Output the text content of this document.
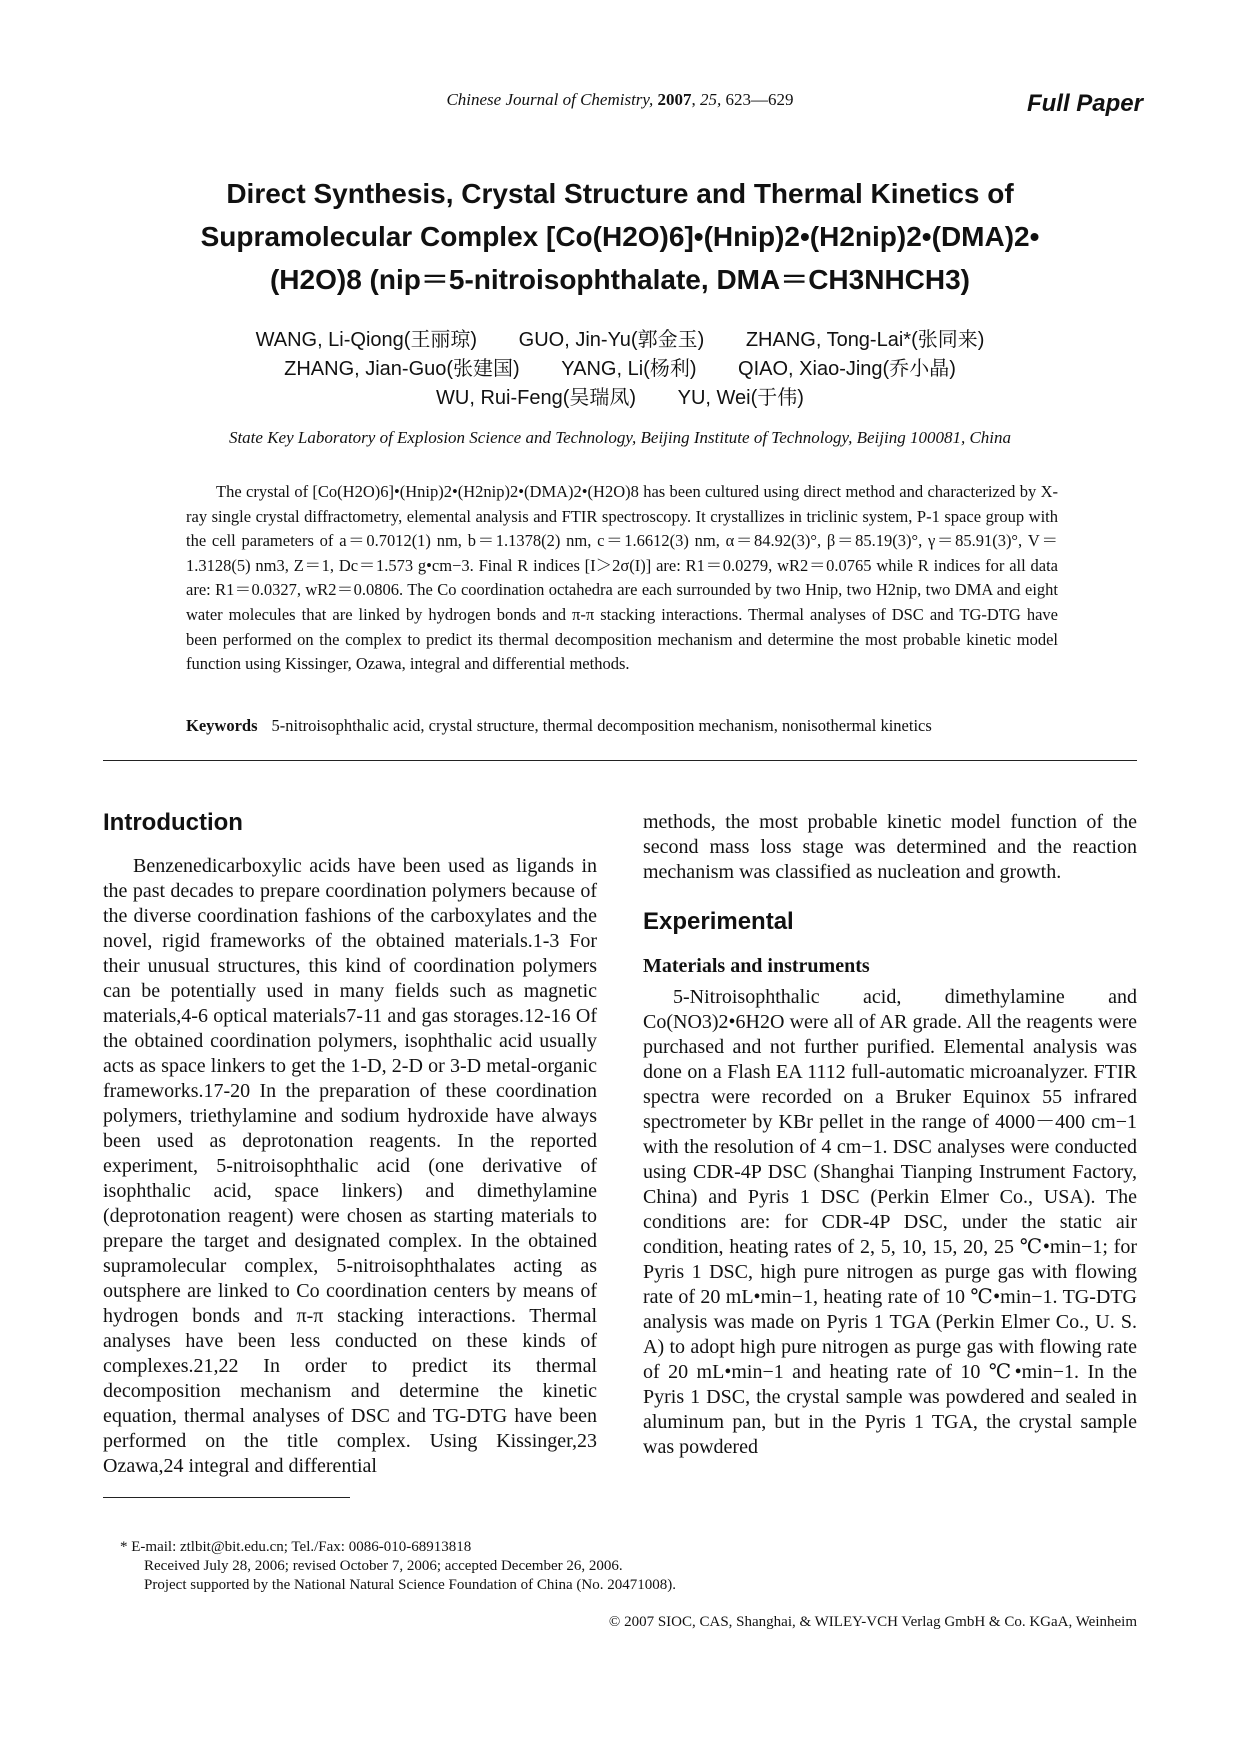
Chinese Journal of Chemistry, 2007, 25, 623—629	Full Paper
Direct Synthesis, Crystal Structure and Thermal Kinetics of
Supramolecular Complex [Co(H2O)6]•(Hnip)2•(H2nip)2•(DMA)2•
(H2O)8 (nip＝5-nitroisophthalate, DMA＝CH3NHCH3)
WANG, Li-Qiong(王丽琼) GUO, Jin-Yu(郭金玉) ZHANG, Tong-Lai*(张同来)
ZHANG, Jian-Guo(张建国) YANG, Li(杨利) QIAO, Xiao-Jing(乔小晶)
WU, Rui-Feng(吴瑞凤) YU, Wei(于伟)
State Key Laboratory of Explosion Science and Technology, Beijing Institute of Technology, Beijing 100081, China

The crystal of [Co(H2O)6]•(Hnip)2•(H2nip)2•(DMA)2•(H2O)8 has been cultured using direct method and characterized by X-ray single crystal diffractometry, elemental analysis and FTIR spectroscopy. It crystallizes in triclinic system, P-1 space group with the cell parameters of a＝0.7012(1) nm, b＝1.1378(2) nm, c＝1.6612(3) nm, α＝84.92(3)°, β＝85.19(3)°, γ＝85.91(3)°, V＝1.3128(5) nm3, Z＝1, Dc＝1.573 g•cm−3. Final R indices [I＞2σ(I)] are: R1＝0.0279, wR2＝0.0765 while R indices for all data are: R1＝0.0327, wR2＝0.0806. The Co coordination octahedra are each surrounded by two Hnip, two H2nip, two DMA and eight water molecules that are linked by hydrogen bonds and π-π stacking interactions. Thermal analyses of DSC and TG-DTG have been performed on the complex to predict its thermal decomposition mechanism and determine the most probable kinetic model function using Kissinger, Ozawa, integral and differential methods.

Keywords 5-nitroisophthalic acid, crystal structure, thermal decomposition mechanism, nonisothermal kinetics
Introduction

Benzenedicarboxylic acids have been used as ligands in the past decades to prepare coordination polymers because of the diverse coordination fashions of the carboxylates and the novel, rigid frameworks of the obtained materials.1-3 For their unusual structures, this kind of coordination polymers can be potentially used in many fields such as magnetic materials,4-6 optical materials7-11 and gas storages.12-16 Of the obtained coordination polymers, isophthalic acid usually acts as space linkers to get the 1-D, 2-D or 3-D metal-organic frameworks.17-20 In the preparation of these coordination polymers, triethylamine and sodium hydroxide have always been used as deprotonation reagents. In the reported experiment, 5-nitroisophthalic acid (one derivative of isophthalic acid, space linkers) and dimethylamine (deprotonation reagent) were chosen as starting materials to prepare the target and designated complex. In the obtained supramolecular complex, 5-nitroisophthalates acting as outsphere are linked to Co coordination centers by means of hydrogen bonds and π-π stacking interactions. Thermal analyses have been less conducted on these kinds of complexes.21,22 In order to predict its thermal decomposition mechanism and determine the kinetic equation, thermal analyses of DSC and TG-DTG have been performed on the title complex. Using Kissinger,23 Ozawa,24 integral and differential

methods, the most probable kinetic model function of the second mass loss stage was determined and the reaction mechanism was classified as nucleation and growth.

Experimental
Materials and instruments

5-Nitroisophthalic acid, dimethylamine and Co(NO3)2•6H2O were all of AR grade. All the reagents were purchased and not further purified. Elemental analysis was done on a Flash EA 1112 full-automatic microanalyzer. FTIR spectra were recorded on a Bruker Equinox 55 infrared spectrometer by KBr pellet in the range of 4000－400 cm−1 with the resolution of 4 cm−1. DSC analyses were conducted using CDR-4P DSC (Shanghai Tianping Instrument Factory, China) and Pyris 1 DSC (Perkin Elmer Co., USA). The conditions are: for CDR-4P DSC, under the static air condition, heating rates of 2, 5, 10, 15, 20, 25 ℃•min−1; for Pyris 1 DSC, high pure nitrogen as purge gas with flowing rate of 20 mL•min−1, heating rate of 10 ℃•min−1. TG-DTG analysis was made on Pyris 1 TGA (Perkin Elmer Co., U. S. A) to adopt high pure nitrogen as purge gas with flowing rate of 20 mL•min−1 and heating rate of 10 ℃•min−1. In the Pyris 1 DSC, the crystal sample was powdered and sealed in aluminum pan, but in the Pyris 1 TGA, the crystal sample was powdered

* E-mail: ztlbit@bit.edu.cn; Tel./Fax: 0086-010-68913818
Received July 28, 2006; revised October 7, 2006; accepted December 26, 2006.
Project supported by the National Natural Science Foundation of China (No. 20471008).
© 2007 SIOC, CAS, Shanghai, & WILEY-VCH Verlag GmbH & Co. KGaA, Weinheim
